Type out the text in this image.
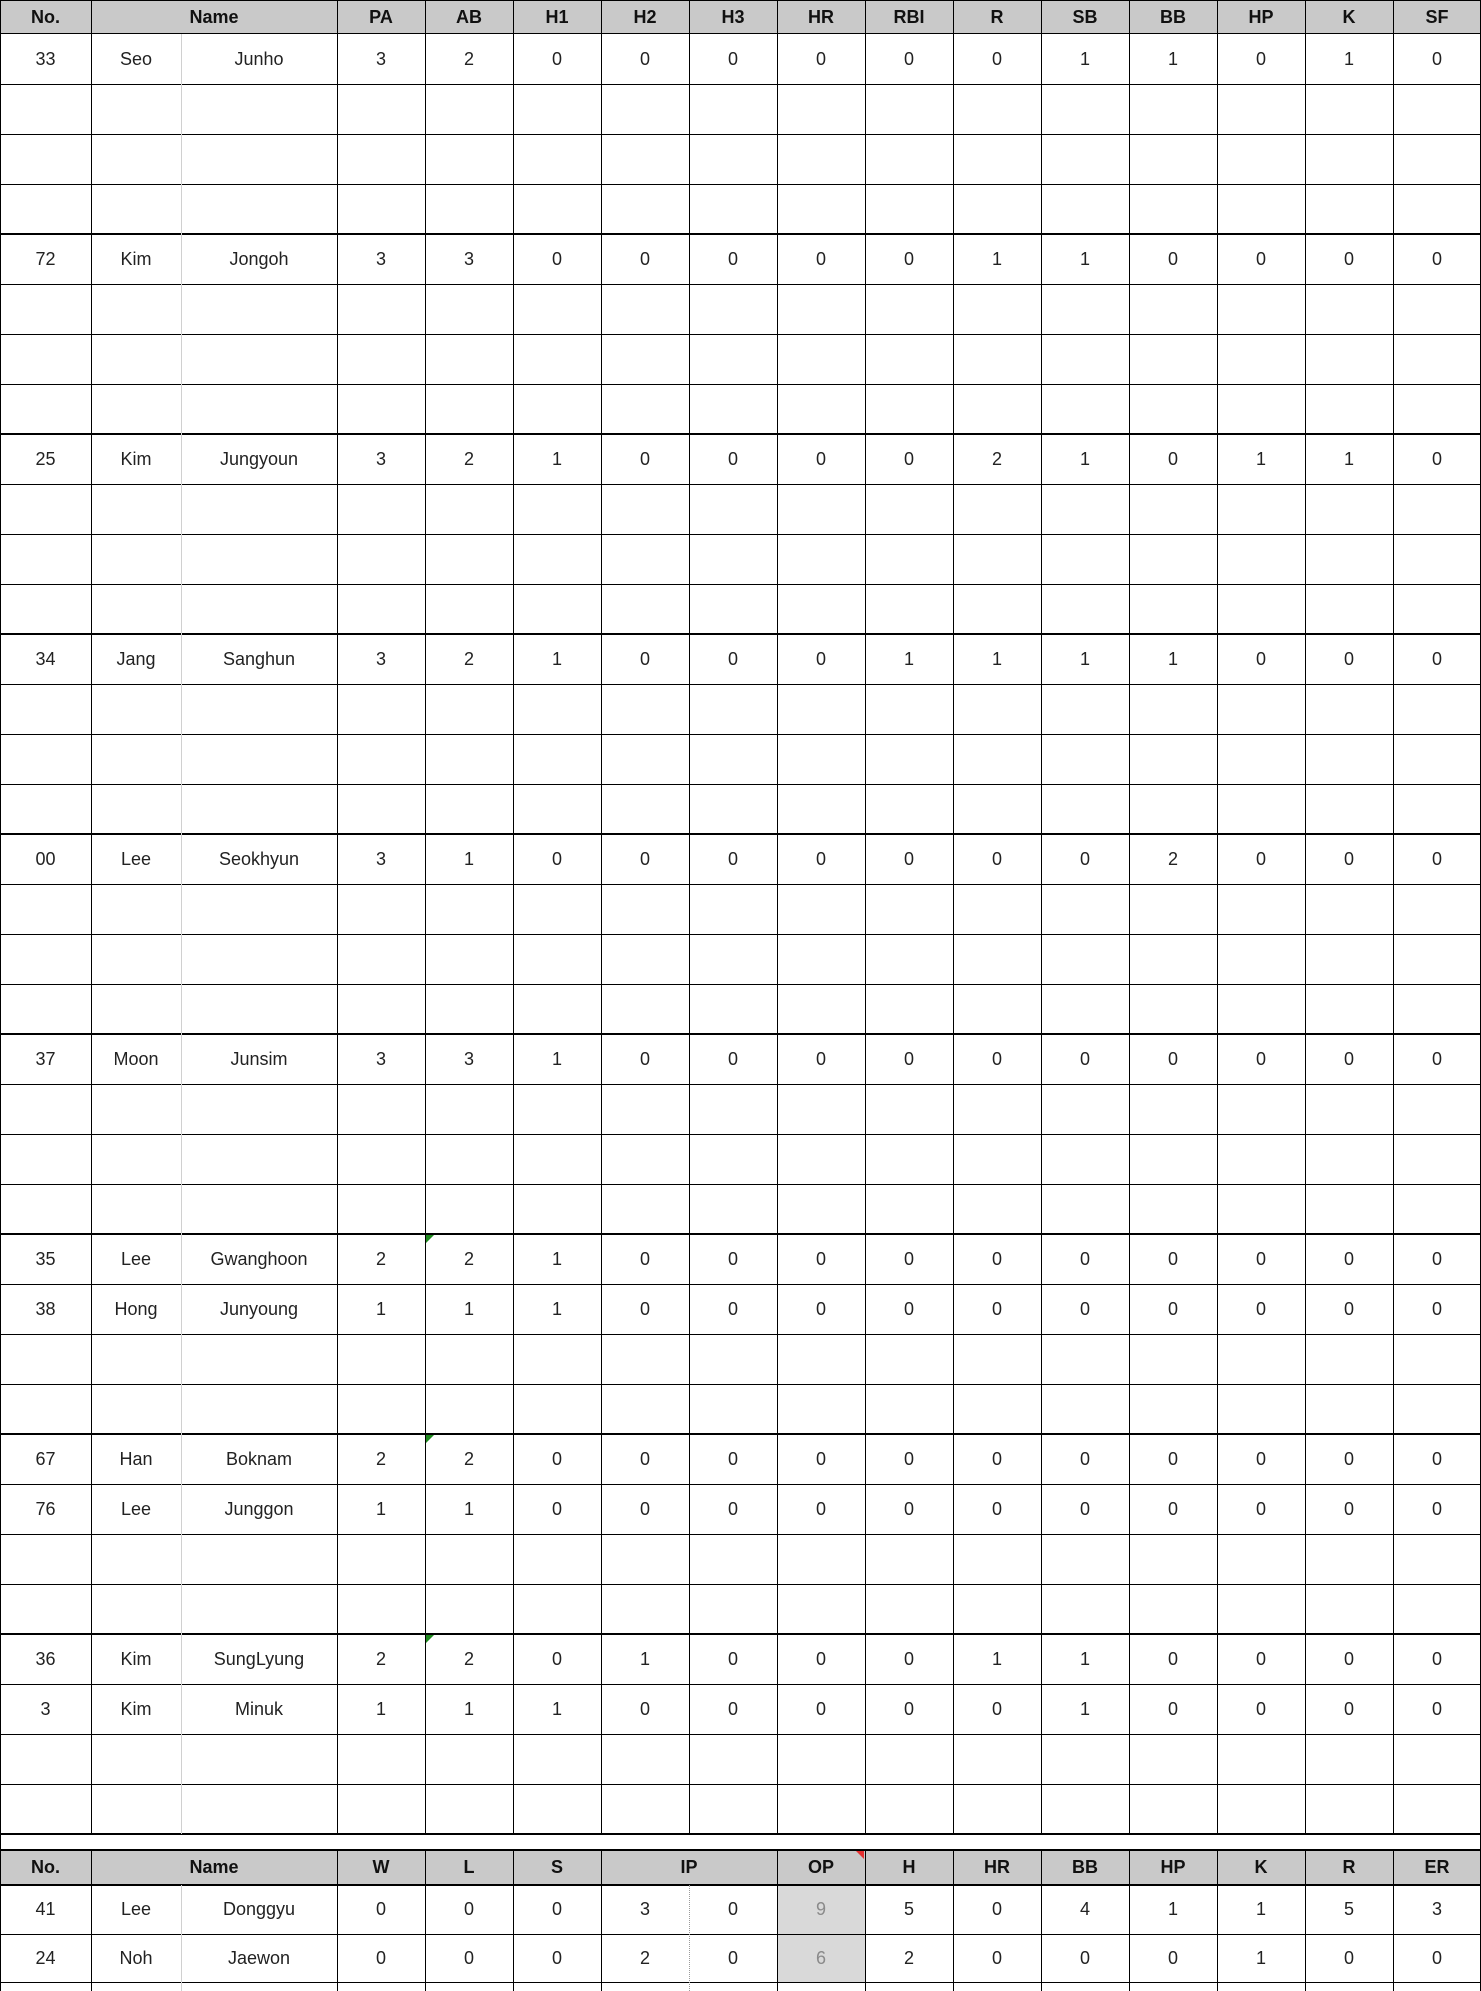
No.	Name	PA	AB	H1	H2	H3	HR	RBI	R	SB	BB	HP	K	SF
33	Seo	Junho	3	2	0	0	0	0	0	0	1	1	0	1	0
72	Kim	Jongoh	3	3	0	0	0	0	0	1	1	0	0	0	0
25	Kim	Jungyoun	3	2	1	0	0	0	0	2	1	0	1	1	0
34	Jang	Sanghun	3	2	1	0	0	0	1	1	1	1	0	0	0
00	Lee	Seokhyun	3	1	0	0	0	0	0	0	0	2	0	0	0
37	Moon	Junsim	3	3	1	0	0	0	0	0	0	0	0	0	0
35	Lee	Gwanghoon	2	2	1	0	0	0	0	0	0	0	0	0	0
38	Hong	Junyoung	1	1	1	0	0	0	0	0	0	0	0	0	0
67	Han	Boknam	2	2	0	0	0	0	0	0	0	0	0	0	0
76	Lee	Junggon	1	1	0	0	0	0	0	0	0	0	0	0	0
36	Kim	SungLyung	2	2	0	1	0	0	0	1	1	0	0	0	0
3	Kim	Minuk	1	1	1	0	0	0	0	0	1	0	0	0	0
No.	Name	W	L	S	IP	OP	H	HR	BB	HP	K	R	ER
41	Lee	Donggyu	0	0	0	3	0	9	5	0	4	1	1	5	3
24	Noh	Jaewon	0	0	0	2	0	6	2	0	0	0	1	0	0
